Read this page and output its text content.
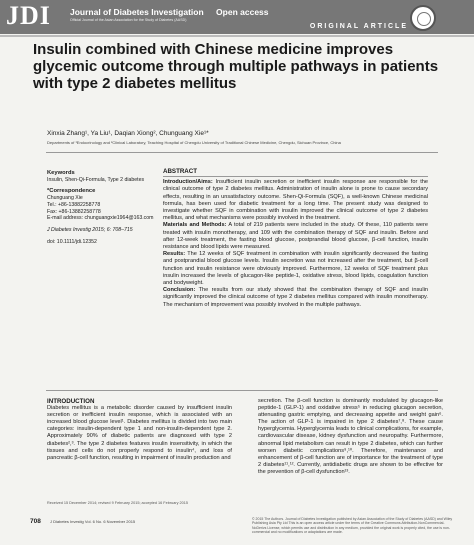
JDI Journal of Diabetes Investigation Open access
Official Journal of the Asian Association for the Study of Diabetes (AASD)
ORIGINAL ARTICLE
Insulin combined with Chinese medicine improves glycemic outcome through multiple pathways in patients with type 2 diabetes mellitus
Xinxia Zhang¹, Ya Liu¹, Daqian Xiong², Chunguang Xie¹*
Departments of ¹Endocrinology and ²Clinical Laboratory, Teaching Hospital of Chengdu University of Traditional Chinese Medicine, Chengdu, Sichuan Province, China
Keywords
Insulin, Shen-Qi-Formula, Type 2 diabetes
*Correspondence
Chunguang Xie
Tel.: +86-13882258778
Fax: +86-13882258778
E-mail address: chunguangxie1964@163.com
J Diabetes Investig 2015; 6: 708–715
doi: 10.1111/jdi.12352
ABSTRACT

Introduction/Aims: Insufficient insulin secretion or inefficient insulin response are responsible for the clinical outcome of type 2 diabetes mellitus. Administration of insulin alone is prone to cause secondary effects, resulting in an unsatisfactory outcome. Shen-Qi-Formula (SQF), a well-known Chinese medicinal formula, has been used for diabetic treatment for a long time. The present study was designed to investigate whether SQF in combination with insulin improved the clinical outcome of type 2 diabetes mellitus, and what mechanisms were possibly involved in the treatment.

Materials and Methods: A total of 219 patients were included in the study. Of these, 110 patients were treated with insulin monotherapy, and 109 with the combination therapy of SQF and insulin. Before and after 12-week treatment, the fasting blood glucose, postprandial blood glucose, β-cell function, insulin resistance and blood lipids were measured.

Results: The 12 weeks of SQF treatment in combination with insulin significantly decreased the fasting and postprandial blood glucose levels. Insulin secretion was not increased after the treatment, but β-cell function and insulin resistance were obviously improved. Furthermore, 12 weeks of SQF treatment plus insulin increased the levels of glucagon-like peptide-1, oxidative stress, blood lipids, coagulation function and bodyweight.

Conclusion: The results from our study showed that the combination therapy of SQF and insulin significantly improved the clinical outcome of type 2 diabetes mellitus compared with insulin monotherapy. The mechanism of improvement was possibly involved in the multiple pathways.

INTRODUCTION

Diabetes mellitus is a metabolic disorder caused by insufficient insulin secretion or inefficient insulin response, which is associated with an increased blood glucose level¹. Diabetes mellitus is divided into two main categories: insulin-dependent type 1 and non-insulin-dependent type 2. Approximately 90% of diabetic patients are diagnosed with type 2 diabetes²,³. The type 2 diabetes features insulin insensitivity, in which the tissues and cells do not properly respond to insulin⁴, and loss of pancreatic β-cell function, resulting in impairment of insulin production and

secretion. The β-cell function is dominantly modulated by glucagon-like peptide-1 (GLP-1) and oxidative stress⁵ in reducing glucagon secretion, attenuating gastric emptying, and decreasing appetite and weight gain⁶. The action of GLP-1 is impaired in type 2 diabetes⁷,⁸. These cause hyperglycemia. Hyperglycemia leads to clinical complications, for example, cardiovascular disease, kidney dysfunction and neuropathy. Furthermore, abnormal lipid metabolism can result in type 2 diabetes, which can further worsen diabetic complications⁹,¹⁰. Therefore, maintenance and enhancement of β-cell function are of importance for the treatment of type 2 diabetes¹¹,¹². Currently, antidiabetic drugs are shown to be effective for the prevention of β-cell dysfunction¹³.

Received 15 December 2014; revised 9 February 2015; accepted 16 February 2015
708 J Diabetes Investig Vol. 6 No. 6 November 2015	© 2015 The Authors. Journal of Diabetes Investigation published by Asian Association of the Study of Diabetes (AASD) and Wiley Publishing Asia Pty Ltd This is an open access article under the terms of the Creative Commons Attribution-NonCommercial-NoDerivs License, which permits use and distribution in any medium, provided the original work is properly cited, the use is non-commercial and no modifications or adaptations are made.
